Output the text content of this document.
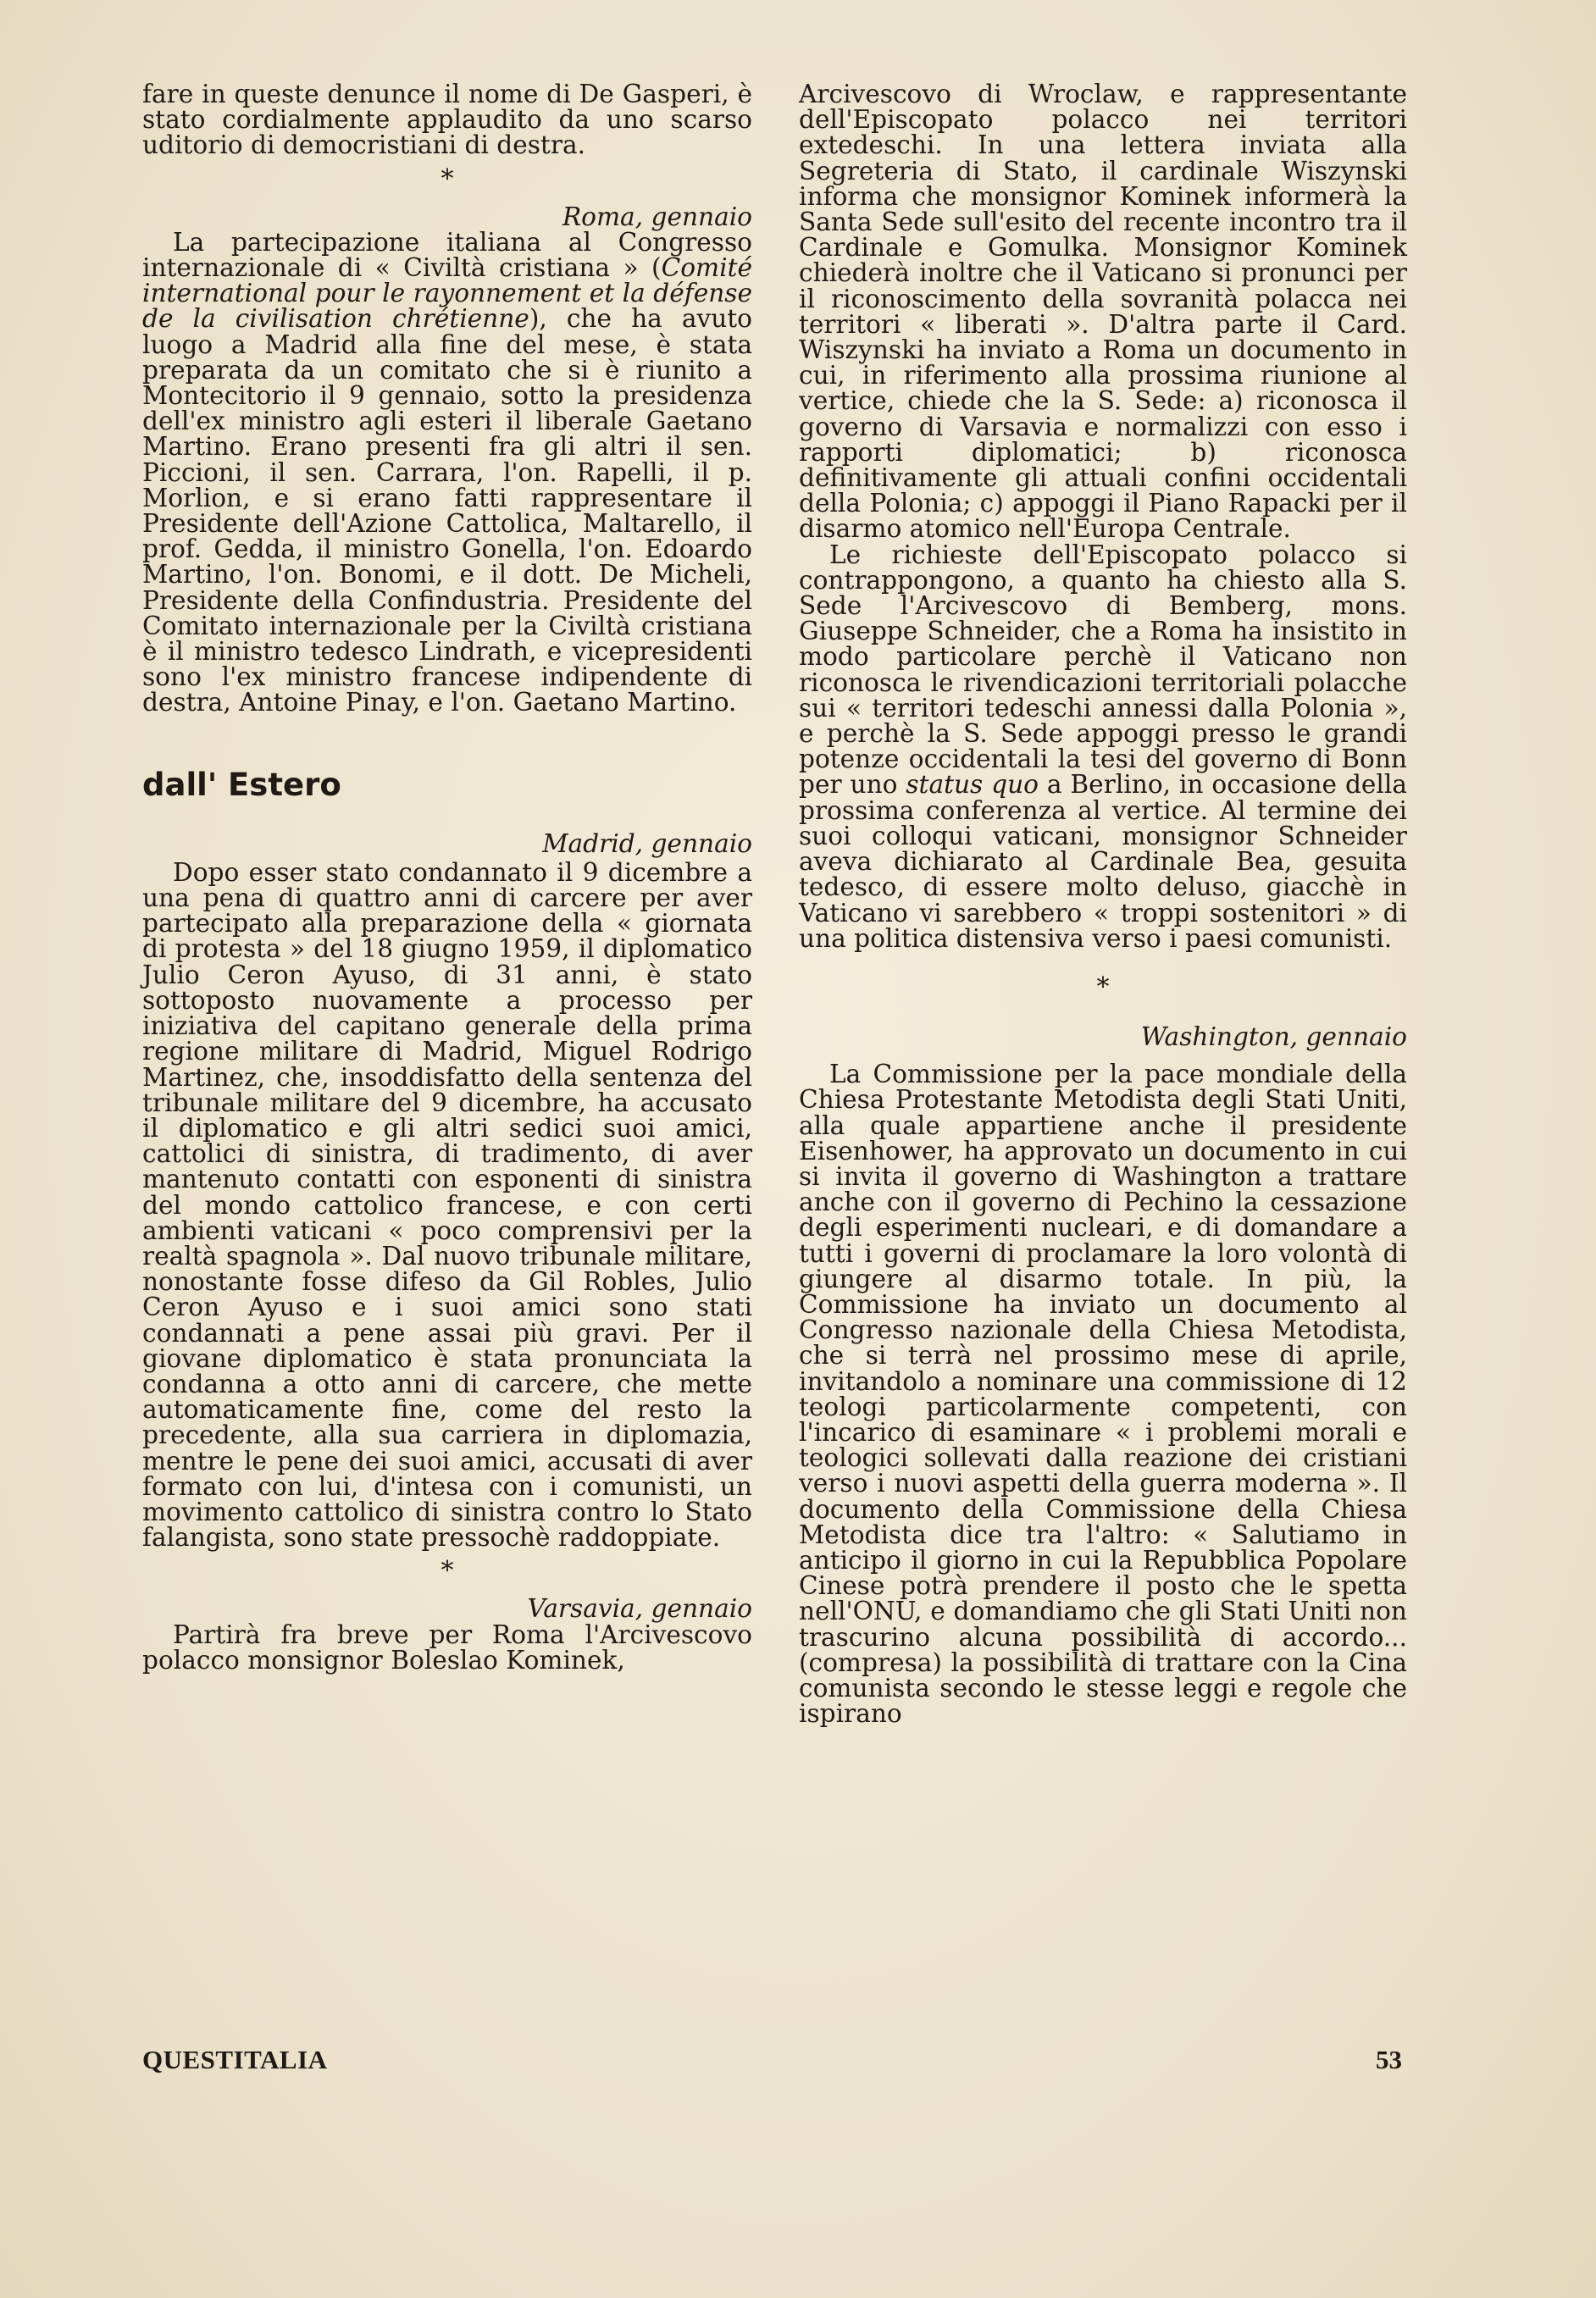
fare in queste denunce il nome di De Gasperi, è stato cordialmente applaudito da uno scarso uditorio di democristiani di destra.

*
Roma, gennaio

La partecipazione italiana al Congresso internazionale di « Civiltà cristiana » (Comité international pour le rayonnement et la défense de la civilisation chrétienne), che ha avuto luogo a Madrid alla fine del mese, è stata preparata da un comitato che si è riunito a Montecitorio il 9 gennaio, sotto la presidenza dell'ex ministro agli esteri il liberale Gaetano Martino. Erano presenti fra gli altri il sen. Piccioni, il sen. Carrara, l'on. Rapelli, il p. Morlion, e si erano fatti rappresentare il Presidente dell'Azione Cattolica, Maltarello, il prof. Gedda, il ministro Gonella, l'on. Edoardo Martino, l'on. Bonomi, e il dott. De Micheli, Presidente della Confindustria. Presidente del Comitato internazionale per la Civiltà cristiana è il ministro tedesco Lindrath, e vicepresidenti sono l'ex ministro francese indipendente di destra, Antoine Pinay, e l'on. Gaetano Martino.

dall' Estero
Madrid, gennaio

Dopo esser stato condannato il 9 dicembre a una pena di quattro anni di carcere per aver partecipato alla preparazione della « giornata di protesta » del 18 giugno 1959, il diplomatico Julio Ceron Ayuso, di 31 anni, è stato sottoposto nuovamente a processo per iniziativa del capitano generale della prima regione militare di Madrid, Miguel Rodrigo Martinez, che, insoddisfatto della sentenza del tribunale militare del 9 dicembre, ha accusato il diplomatico e gli altri sedici suoi amici, cattolici di sinistra, di tradimento, di aver mantenuto contatti con esponenti di sinistra del mondo cattolico francese, e con certi ambienti vaticani « poco comprensivi per la realtà spagnola ». Dal nuovo tribunale militare, nonostante fosse difeso da Gil Robles, Julio Ceron Ayuso e i suoi amici sono stati condannati a pene assai più gravi. Per il giovane diplomatico è stata pronunciata la condanna a otto anni di carcere, che mette automaticamente fine, come del resto la precedente, alla sua carriera in diplomazia, mentre le pene dei suoi amici, accusati di aver formato con lui, d'intesa con i comunisti, un movimento cattolico di sinistra contro lo Stato falangista, sono state pressochè raddoppiate.

*
Varsavia, gennaio

Partirà fra breve per Roma l'Arcivescovo polacco monsignor Boleslao Kominek,

Arcivescovo di Wroclaw, e rappresentante dell'Episcopato polacco nei territori extedeschi. In una lettera inviata alla Segreteria di Stato, il cardinale Wiszynski informa che monsignor Kominek informerà la Santa Sede sull'esito del recente incontro tra il Cardinale e Gomulka. Monsignor Kominek chiederà inoltre che il Vaticano si pronunci per il riconoscimento della sovranità polacca nei territori « liberati ». D'altra parte il Card. Wiszynski ha inviato a Roma un documento in cui, in riferimento alla prossima riunione al vertice, chiede che la S. Sede: a) riconosca il governo di Varsavia e normalizzi con esso i rapporti diplomatici; b) riconosca definitivamente gli attuali confini occidentali della Polonia; c) appoggi il Piano Rapacki per il disarmo atomico nell'Europa Centrale.

Le richieste dell'Episcopato polacco si contrappongono, a quanto ha chiesto alla S. Sede l'Arcivescovo di Bemberg, mons. Giuseppe Schneider, che a Roma ha insistito in modo particolare perchè il Vaticano non riconosca le rivendicazioni territoriali polacche sui « territori tedeschi annessi dalla Polonia », e perchè la S. Sede appoggi presso le grandi potenze occidentali la tesi del governo di Bonn per uno status quo a Berlino, in occasione della prossima conferenza al vertice. Al termine dei suoi colloqui vaticani, monsignor Schneider aveva dichiarato al Cardinale Bea, gesuita tedesco, di essere molto deluso, giacchè in Vaticano vi sarebbero « troppi sostenitori » di una politica distensiva verso i paesi comunisti.

*
Washington, gennaio

La Commissione per la pace mondiale della Chiesa Protestante Metodista degli Stati Uniti, alla quale appartiene anche il presidente Eisenhower, ha approvato un documento in cui si invita il governo di Washington a trattare anche con il governo di Pechino la cessazione degli esperimenti nucleari, e di domandare a tutti i governi di proclamare la loro volontà di giungere al disarmo totale. In più, la Commissione ha inviato un documento al Congresso nazionale della Chiesa Metodista, che si terrà nel prossimo mese di aprile, invitandolo a nominare una commissione di 12 teologi particolarmente competenti, con l'incarico di esaminare « i problemi morali e teologici sollevati dalla reazione dei cristiani verso i nuovi aspetti della guerra moderna ». Il documento della Commissione della Chiesa Metodista dice tra l'altro: « Salutiamo in anticipo il giorno in cui la Repubblica Popolare Cinese potrà prendere il posto che le spetta nell'ONU, e domandiamo che gli Stati Uniti non trascurino alcuna possibilità di accordo... (compresa) la possibilità di trattare con la Cina comunista secondo le stesse leggi e regole che ispirano

QUESTITALIA	53
